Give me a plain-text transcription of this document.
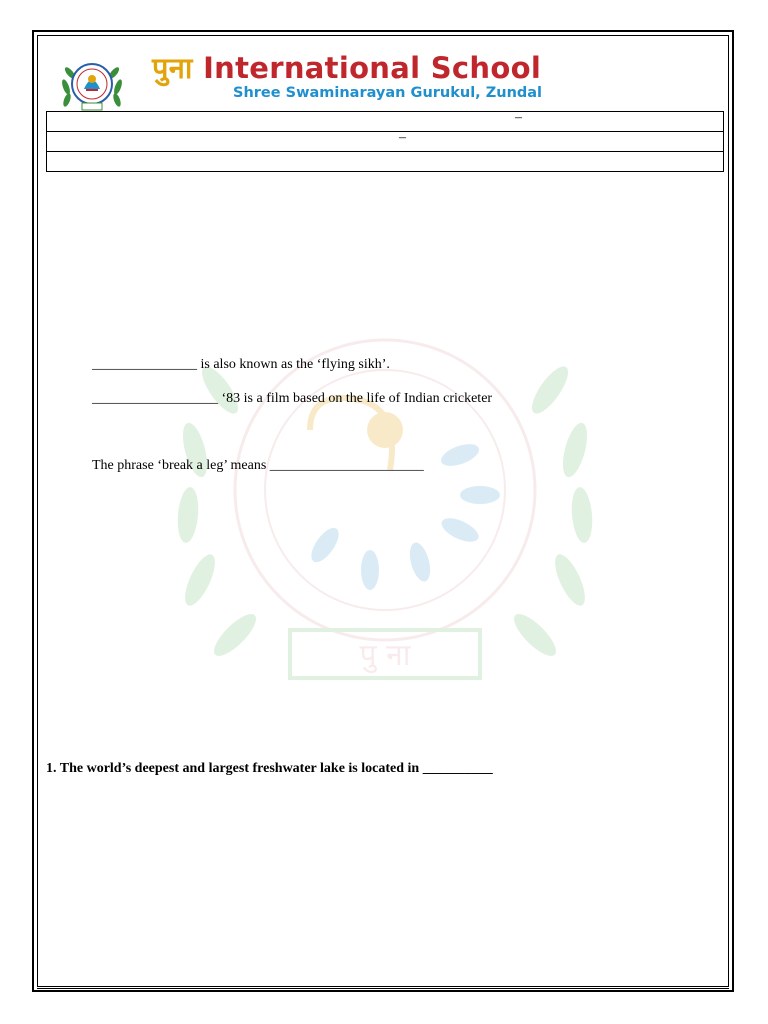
पुना International School
Shree Swaminarayan Gurukul, Zundal
–

–

पु ना
_______________ is also known as the ‘flying sikh’.
__________________ ‘83 is a film based on the life of Indian cricketer
The phrase ‘break a leg’ means ______________________
1. The world’s deepest and largest freshwater lake is located in __________
